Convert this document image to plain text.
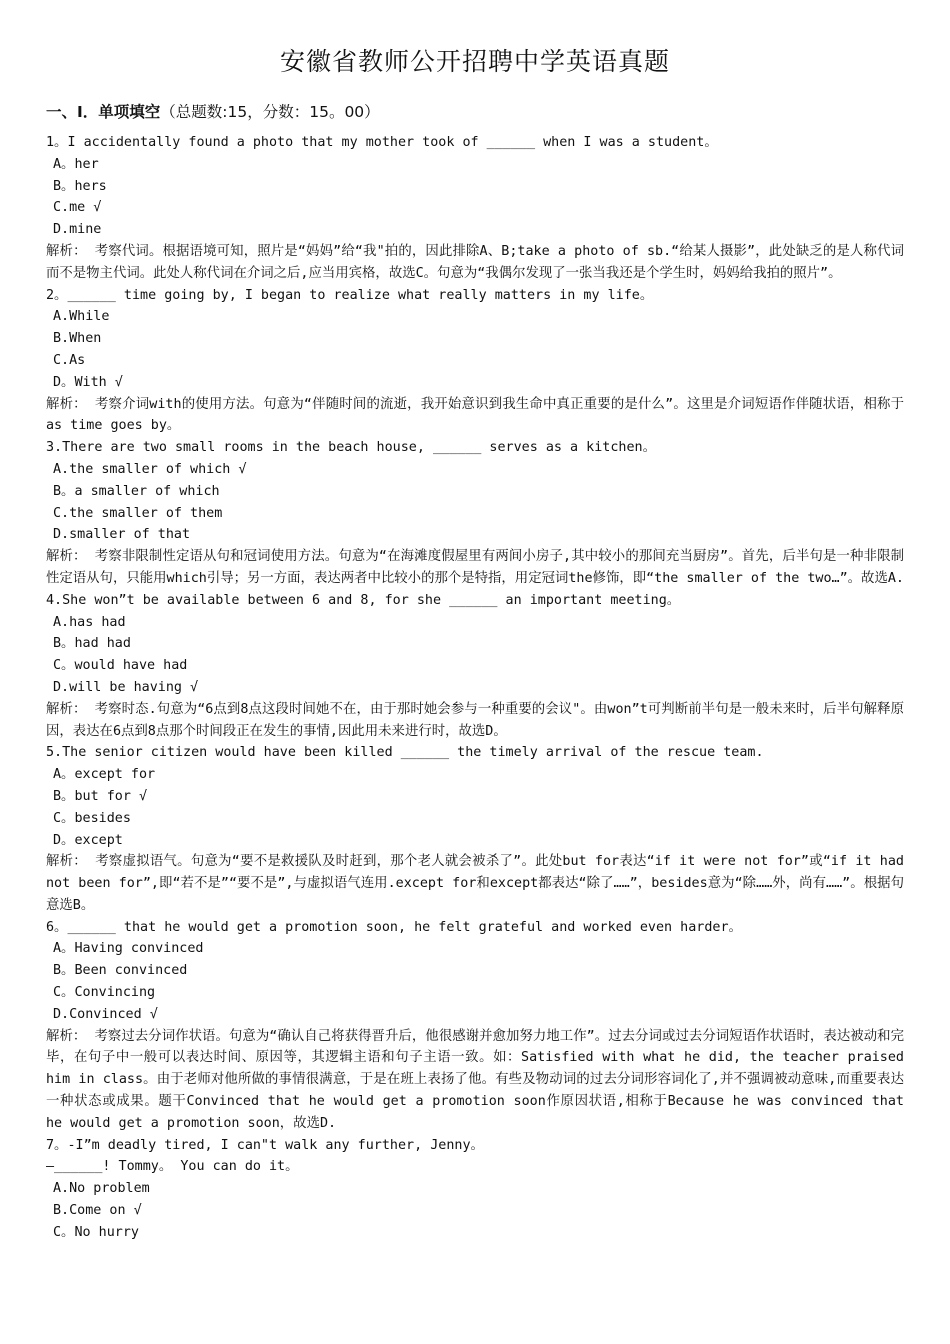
安徽省教师公开招聘中学英语真题
一、Ⅰ．单项填空（总题数:15，分数：15。00）

1。I accidentally found a photo that my mother took of ______ when I was a student。

A。her

B。hers

C.me √

D.mine

解析： 考察代词。根据语境可知，照片是“妈妈”给“我"拍的，因此排除A、B;take a photo of sb.“给某人摄影”，此处缺乏的是人称代词而不是物主代词。此处人称代词在介词之后,应当用宾格，故选C。句意为“我偶尔发现了一张当我还是个学生时，妈妈给我拍的照片”。

2。______ time going by, I began to realize what really matters in my life。

A.While

B.When

C.As

D。With √

解析： 考察介词with的使用方法。句意为“伴随时间的流逝，我开始意识到我生命中真正重要的是什么”。这里是介词短语作伴随状语，相称于as time goes by。

3.There are two small rooms in the beach house, ______ serves as a kitchen。

A.the smaller of which √

B。a smaller of which

C.the smaller of them

D.smaller of that

解析： 考察非限制性定语从句和冠词使用方法。句意为“在海滩度假屋里有两间小房子,其中较小的那间充当厨房”。首先，后半句是一种非限制性定语从句，只能用which引导；另一方面，表达两者中比较小的那个是特指，用定冠词the修饰，即“the smaller of the two…”。故选A.

4.She won”t be available between 6 and 8, for she ______ an important meeting。

A.has had

B。had had

C。would have had

D.will be having √

解析： 考察时态.句意为“6点到8点这段时间她不在，由于那时她会参与一种重要的会议"。由won”t可判断前半句是一般未来时，后半句解释原因，表达在6点到8点那个时间段正在发生的事情,因此用未来进行时，故选D。

5.The senior citizen would have been killed ______ the timely arrival of the rescue team.

A。except for

B。but for √

C。besides

D。except

解析： 考察虚拟语气。句意为“要不是救援队及时赶到，那个老人就会被杀了”。此处but for表达“if it were not for”或“if it had not been for”,即“若不是”“要不是”,与虚拟语气连用.except for和except都表达“除了……”，besides意为“除……外，尚有……”。根据句意选B。

6。______ that he would get a promotion soon, he felt grateful and worked even harder。

A。Having convinced

B。Been convinced

C。Convincing

D.Convinced √

解析： 考察过去分词作状语。句意为“确认自己将获得晋升后，他很感谢并愈加努力地工作”。过去分词或过去分词短语作状语时，表达被动和完毕，在句子中一般可以表达时间、原因等，其逻辑主语和句子主语一致。如：Satisfied with what he did, the teacher praised him in class。由于老师对他所做的事情很满意，于是在班上表扬了他。有些及物动词的过去分词形容词化了,并不强调被动意味,而重要表达一种状态或成果。题干Convinced that he would get a promotion soon作原因状语,相称于Because he was convinced that he would get a promotion soon，故选D.

7。-I”m deadly tired, I can"t walk any further, Jenny。

—______! Tommy。 You can do it。

A.No problem

B.Come on √

C。No hurry
